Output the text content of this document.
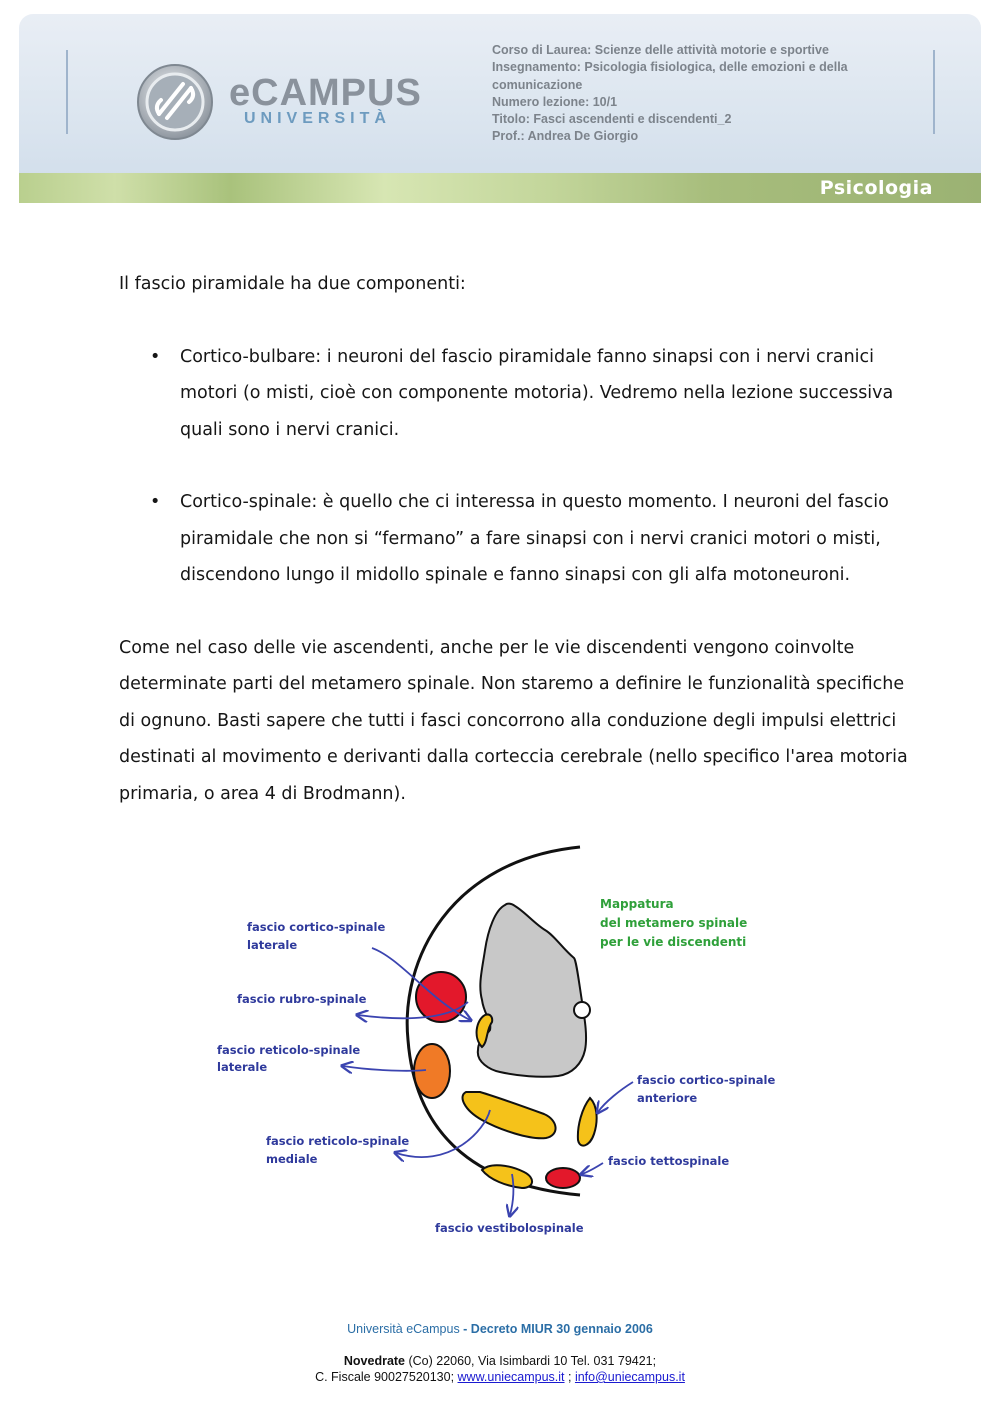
eCAMPUS
UNIVERSITÀ
Corso di Laurea: Scienze delle attività motorie e sportive
Insegnamento: Psicologia fisiologica, delle emozioni e della
comunicazione
Numero lezione: 10/1
Titolo: Fasci ascendenti e discendenti_2
Prof.: Andrea De Giorgio
Psicologia

Il fascio piramidale ha due componenti:

• Cortico-bulbare: i neuroni del fascio piramidale fanno sinapsi con i nervi cranici motori (o misti, cioè con componente motoria). Vedremo nella lezione successiva quali sono i nervi cranici.
• Cortico-spinale: è quello che ci interessa in questo momento. I neuroni del fascio piramidale che non si “fermano” a fare sinapsi con i nervi cranici motori o misti, discendono lungo il midollo spinale e fanno sinapsi con gli alfa motoneuroni.

Come nel caso delle vie ascendenti, anche per le vie discendenti vengono coinvolte determinate parti del metamero spinale. Non staremo a definire le funzionalità specifiche di ognuno. Basti sapere che tutti i fasci concorrono alla conduzione degli impulsi elettrici destinati al movimento e derivanti dalla corteccia cerebrale (nello specifico l'area motoria primaria, o area 4 di Brodmann).

Mappatura
del metamero spinale
per le vie discendenti
fascio cortico-spinale
laterale
fascio rubro-spinale
fascio reticolo-spinale
laterale
fascio reticolo-spinale
mediale
fascio cortico-spinale
anteriore
fascio tettospinale
fascio vestibolospinale
Università eCampus - Decreto MIUR 30 gennaio 2006
Novedrate (Co) 22060, Via Isimbardi 10 Tel. 031 79421;
C. Fiscale 90027520130; www.uniecampus.it ; info@uniecampus.it
